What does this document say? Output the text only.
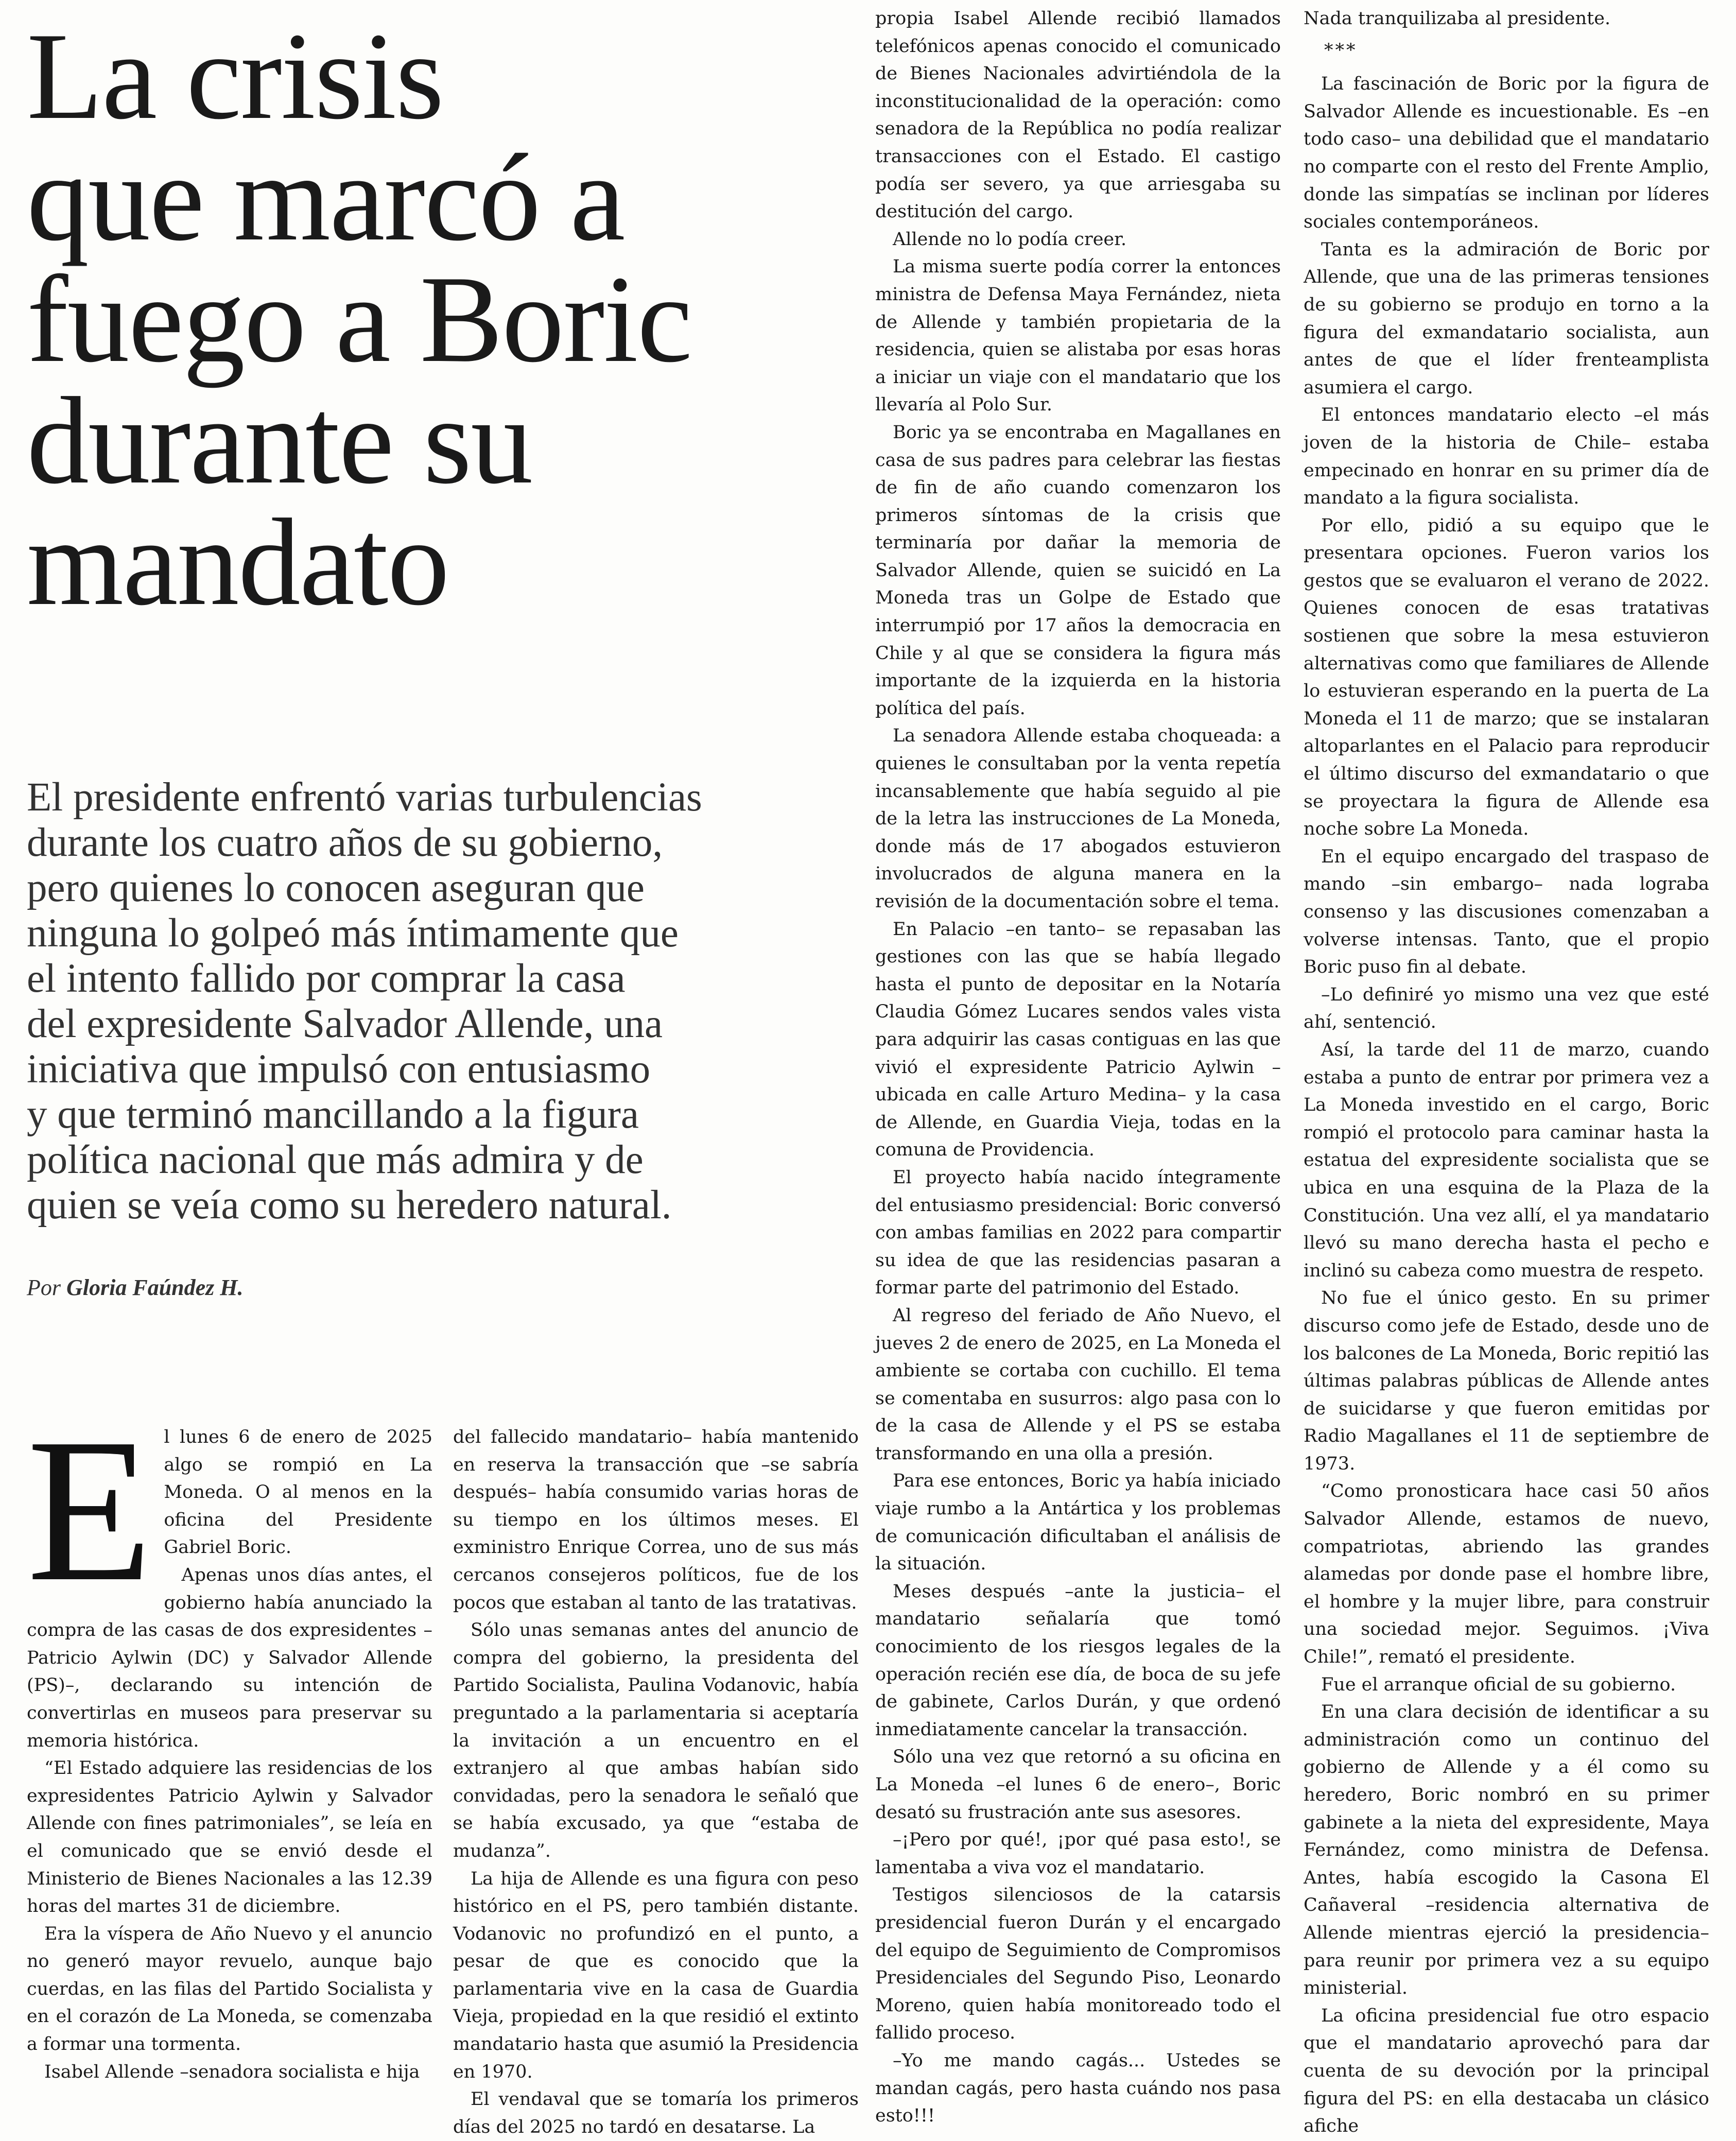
La crisis
que marcó a
fuego a Boric
durante su
mandato
El presidente enfrentó varias turbulencias
durante los cuatro años de su gobierno,
pero quienes lo conocen aseguran que
ninguna lo golpeó más íntimamente que
el intento fallido por comprar la casa
del expresidente Salvador Allende, una
iniciativa que impulsó con entusiasmo
y que terminó mancillando a la figura
política nacional que más admira y de
quien se veía como su heredero natural.
Por Gloria Faúndez H.
E l lunes 6 de enero de 2025 algo se rompió en La Moneda. O al menos en la oficina del Presidente Gabriel Boric.

Apenas unos días antes, el gobierno había anunciado la compra de las casas de dos expresidentes –Patricio Aylwin (DC) y Salvador Allende (PS)–, declarando su intención de convertirlas en museos para preservar su memoria histórica.

“El Estado adquiere las residencias de los expresidentes Patricio Aylwin y Salvador Allende con fines patrimoniales”, se leía en el comunicado que se envió desde el Ministerio de Bienes Nacionales a las 12.39 horas del martes 31 de diciembre.

Era la víspera de Año Nuevo y el anuncio no generó mayor revuelo, aunque bajo cuerdas, en las filas del Partido Socialista y en el corazón de La Moneda, se comenzaba a formar una tormenta.

Isabel Allende –senadora socialista e hija

del fallecido mandatario– había mantenido en reserva la transacción que –se sabría después– había consumido varias horas de su tiempo en los últimos meses. El exministro Enrique Correa, uno de sus más cercanos consejeros políticos, fue de los pocos que estaban al tanto de las tratativas.

Sólo unas semanas antes del anuncio de compra del gobierno, la presidenta del Partido Socialista, Paulina Vodanovic, había preguntado a la parlamentaria si aceptaría la invitación a un encuentro en el extranjero al que ambas habían sido convidadas, pero la senadora le señaló que se había excusado, ya que “estaba de mudanza”.

La hija de Allende es una figura con peso histórico en el PS, pero también distante. Vodanovic no profundizó en el punto, a pesar de que es conocido que la parlamentaria vive en la casa de Guardia Vieja, propiedad en la que residió el extinto mandatario hasta que asumió la Presidencia en 1970.

El vendaval que se tomaría los primeros días del 2025 no tardó en desatarse. La

propia Isabel Allende recibió llamados telefónicos apenas conocido el comunicado de Bienes Nacionales advirtiéndola de la inconstitucionalidad de la operación: como senadora de la República no podía realizar transacciones con el Estado. El castigo podía ser severo, ya que arriesgaba su destitución del cargo.

Allende no lo podía creer.

La misma suerte podía correr la entonces ministra de Defensa Maya Fernández, nieta de Allende y también propietaria de la residencia, quien se alistaba por esas horas a iniciar un viaje con el mandatario que los llevaría al Polo Sur.

Boric ya se encontraba en Magallanes en casa de sus padres para celebrar las fiestas de fin de año cuando comenzaron los primeros síntomas de la crisis que terminaría por dañar la memoria de Salvador Allende, quien se suicidó en La Moneda tras un Golpe de Estado que interrumpió por 17 años la democracia en Chile y al que se considera la figura más importante de la izquierda en la historia política del país.

La senadora Allende estaba choqueada: a quienes le consultaban por la venta repetía incansablemente que había seguido al pie de la letra las instrucciones de La Moneda, donde más de 17 abogados estuvieron involucrados de alguna manera en la revisión de la documentación sobre el tema.

En Palacio –en tanto– se repasaban las gestiones con las que se había llegado hasta el punto de depositar en la Notaría Claudia Gómez Lucares sendos vales vista para adquirir las casas contiguas en las que vivió el expresidente Patricio Aylwin –ubicada en calle Arturo Medina– y la casa de Allende, en Guardia Vieja, todas en la comuna de Providencia.

El proyecto había nacido íntegramente del entusiasmo presidencial: Boric conversó con ambas familias en 2022 para compartir su idea de que las residencias pasaran a formar parte del patrimonio del Estado.

Al regreso del feriado de Año Nuevo, el jueves 2 de enero de 2025, en La Moneda el ambiente se cortaba con cuchillo. El tema se comentaba en susurros: algo pasa con lo de la casa de Allende y el PS se estaba transformando en una olla a presión.

Para ese entonces, Boric ya había iniciado viaje rumbo a la Antártica y los problemas de comunicación dificultaban el análisis de la situación.

Meses después –ante la justicia– el mandatario señalaría que tomó conocimiento de los riesgos legales de la operación recién ese día, de boca de su jefe de gabinete, Carlos Durán, y que ordenó inmediatamente cancelar la transacción.

Sólo una vez que retornó a su oficina en La Moneda –el lunes 6 de enero–, Boric desató su frustración ante sus asesores.

–¡Pero por qué!, ¡por qué pasa esto!, se lamentaba a viva voz el mandatario.

Testigos silenciosos de la catarsis presidencial fueron Durán y el encargado del equipo de Seguimiento de Compromisos Presidenciales del Segundo Piso, Leonardo Moreno, quien había monitoreado todo el fallido proceso.

–Yo me mando cagás... Ustedes se mandan cagás, pero hasta cuándo nos pasa esto!!!

Nada tranquilizaba al presidente.

***

La fascinación de Boric por la figura de Salvador Allende es incuestionable. Es –en todo caso– una debilidad que el mandatario no comparte con el resto del Frente Amplio, donde las simpatías se inclinan por líderes sociales contemporáneos.

Tanta es la admiración de Boric por Allende, que una de las primeras tensiones de su gobierno se produjo en torno a la figura del exmandatario socialista, aun antes de que el líder frenteamplista asumiera el cargo.

El entonces mandatario electo –el más joven de la historia de Chile– estaba empecinado en honrar en su primer día de mandato a la figura socialista.

Por ello, pidió a su equipo que le presentara opciones. Fueron varios los gestos que se evaluaron el verano de 2022. Quienes conocen de esas tratativas sostienen que sobre la mesa estuvieron alternativas como que familiares de Allende lo estuvieran esperando en la puerta de La Moneda el 11 de marzo; que se instalaran altoparlantes en el Palacio para reproducir el último discurso del exmandatario o que se proyectara la figura de Allende esa noche sobre La Moneda.

En el equipo encargado del traspaso de mando –sin embargo– nada lograba consenso y las discusiones comenzaban a volverse intensas. Tanto, que el propio Boric puso fin al debate.

–Lo definiré yo mismo una vez que esté ahí, sentenció.

Así, la tarde del 11 de marzo, cuando estaba a punto de entrar por primera vez a La Moneda investido en el cargo, Boric rompió el protocolo para caminar hasta la estatua del expresidente socialista que se ubica en una esquina de la Plaza de la Constitución. Una vez allí, el ya mandatario llevó su mano derecha hasta el pecho e inclinó su cabeza como muestra de respeto.

No fue el único gesto. En su primer discurso como jefe de Estado, desde uno de los balcones de La Moneda, Boric repitió las últimas palabras públicas de Allende antes de suicidarse y que fueron emitidas por Radio Magallanes el 11 de septiembre de 1973.

“Como pronosticara hace casi 50 años Salvador Allende, estamos de nuevo, compatriotas, abriendo las grandes alamedas por donde pase el hombre libre, el hombre y la mujer libre, para construir una sociedad mejor. Seguimos. ¡Viva Chile!”, remató el presidente.

Fue el arranque oficial de su gobierno.

En una clara decisión de identificar a su administración como un continuo del gobierno de Allende y a él como su heredero, Boric nombró en su primer gabinete a la nieta del expresidente, Maya Fernández, como ministra de Defensa. Antes, había escogido la Casona El Cañaveral –residencia alternativa de Allende mientras ejerció la presidencia– para reunir por primera vez a su equipo ministerial.

La oficina presidencial fue otro espacio que el mandatario aprovechó para dar cuenta de su devoción por la principal figura del PS: en ella destacaba un clásico afiche
